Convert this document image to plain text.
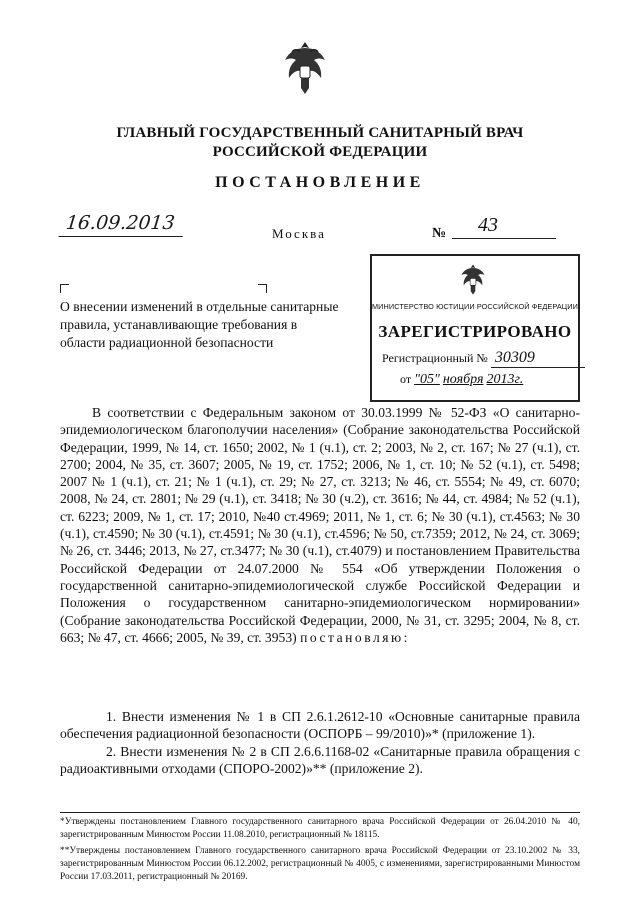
ГЛАВНЫЙ ГОСУДАРСТВЕННЫЙ САНИТАРНЫЙ ВРАЧ
РОССИЙСКОЙ ФЕДЕРАЦИИ
ПОСТАНОВЛЕНИЕ
16.09.2013	Москва	№ 43
О внесении изменений в отдельные санитарные правила, устанавливающие требования в области радиационной безопасности
МИНИСТЕРСТВО ЮСТИЦИИ РОССИЙСКОЙ ФЕДЕРАЦИИ
ЗАРЕГИСТРИРОВАНО
Регистрационный № 30309
от "05" ноября 2013г.
В соответствии с Федеральным законом от 30.03.1999 № 52-ФЗ «О санитарно-эпидемиологическом благополучии населения» (Собрание законодательства Российской Федерации, 1999, № 14, ст. 1650; 2002, № 1 (ч.1), ст. 2; 2003, № 2, ст. 167; № 27 (ч.1), ст. 2700; 2004, № 35, ст. 3607; 2005, № 19, ст. 1752; 2006, № 1, ст. 10; № 52 (ч.1), ст. 5498; 2007 № 1 (ч.1), ст. 21; № 1 (ч.1), ст. 29; № 27, ст. 3213; № 46, ст. 5554; № 49, ст. 6070; 2008, № 24, ст. 2801; № 29 (ч.1), ст. 3418; № 30 (ч.2), ст. 3616; № 44, ст. 4984; № 52 (ч.1), ст. 6223; 2009, № 1, ст. 17; 2010, №40 ст.4969; 2011, № 1, ст. 6; № 30 (ч.1), ст.4563; № 30 (ч.1), ст.4590; № 30 (ч.1), ст.4591; № 30 (ч.1), ст.4596; № 50, ст.7359; 2012, № 24, ст. 3069; № 26, ст. 3446; 2013, № 27, ст.3477; № 30 (ч.1), ст.4079) и постановлением Правительства Российской Федерации от 24.07.2000 № 554 «Об утверждении Положения о государственной санитарно-эпидемиологической службе Российской Федерации и Положения о государственном санитарно-эпидемиологическом нормировании» (Собрание законодательства Российской Федерации, 2000, № 31, ст. 3295; 2004, № 8, ст. 663; № 47, ст. 4666; 2005, № 39, ст. 3953) постановляю:

1. Внести изменения № 1 в СП 2.6.1.2612-10 «Основные санитарные правила обеспечения радиационной безопасности (ОСПОРБ – 99/2010)»* (приложение 1).

2. Внести изменения № 2 в СП 2.6.6.1168-02 «Санитарные правила обращения с радиоактивными отходами (СПОРО-2002)»** (приложение 2).

*Утверждены постановлением Главного государственного санитарного врача Российской Федерации от 26.04.2010 № 40, зарегистрированным Минюстом России 11.08.2010, регистрационный № 18115.

**Утверждены постановлением Главного государственного санитарного врача Российской Федерации от 23.10.2002 № 33, зарегистрированным Минюстом России 06.12.2002, регистрационный № 4005, с изменениями, зарегистрированными Минюстом России 17.03.2011, регистрационный № 20169.
